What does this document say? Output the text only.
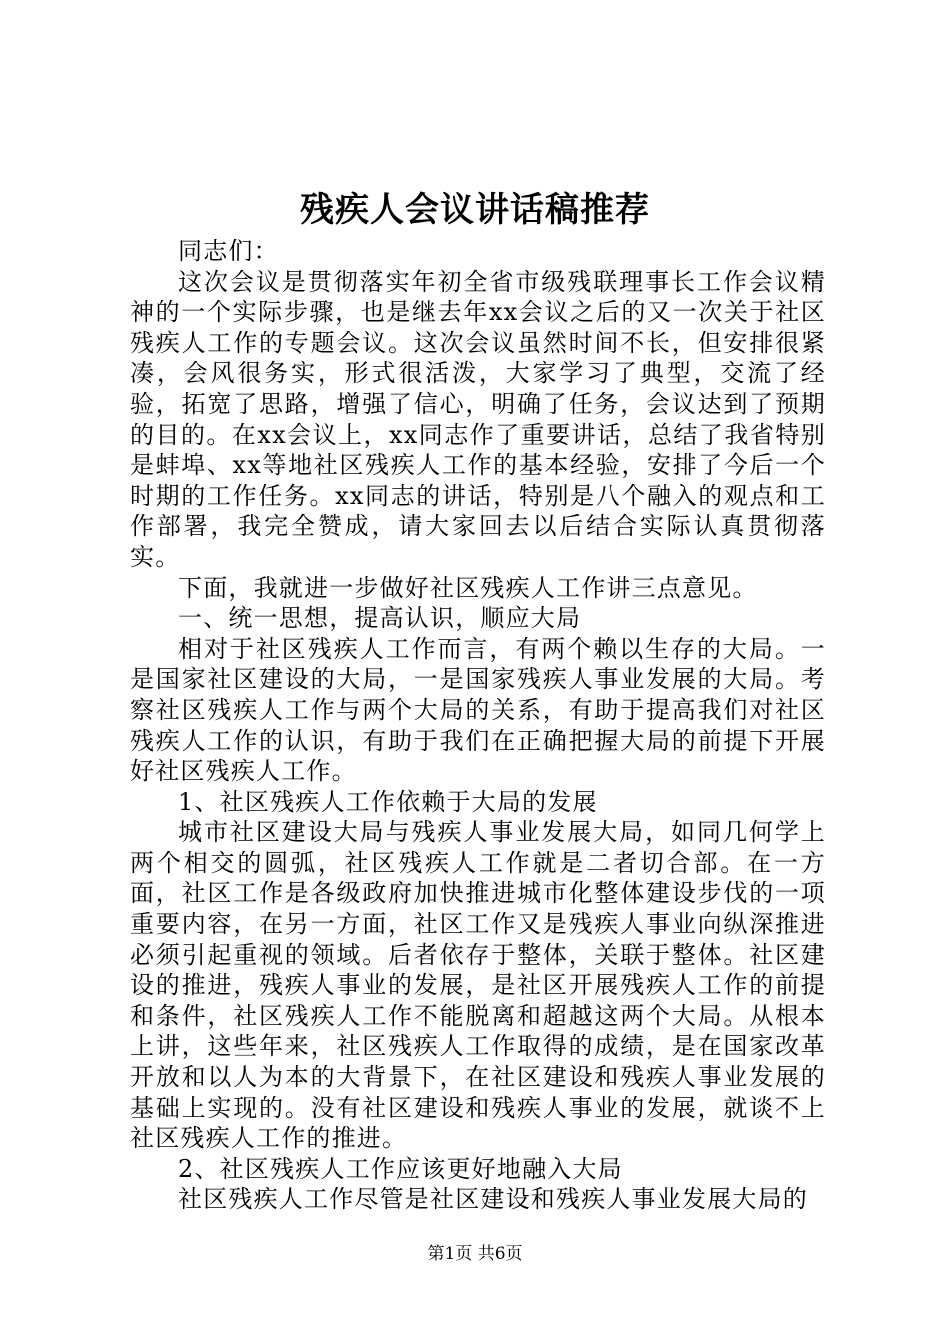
残疾人会议讲话稿推荐

同志们：

这次会议是贯彻落实年初全省市级残联理事长工作会议精神的一个实际步骤，也是继去年xx会议之后的又一次关于社区残疾人工作的专题会议。这次会议虽然时间不长，但安排很紧凑，会风很务实，形式很活泼，大家学习了典型，交流了经验，拓宽了思路，增强了信心，明确了任务，会议达到了预期的目的。在xx会议上，xx同志作了重要讲话，总结了我省特别是蚌埠、xx等地社区残疾人工作的基本经验，安排了今后一个时期的工作任务。xx同志的讲话，特别是八个融入的观点和工作部署，我完全赞成，请大家回去以后结合实际认真贯彻落实。

下面，我就进一步做好社区残疾人工作讲三点意见。

一、统一思想，提高认识，顺应大局

相对于社区残疾人工作而言，有两个赖以生存的大局。一是国家社区建设的大局，一是国家残疾人事业发展的大局。考察社区残疾人工作与两个大局的关系，有助于提高我们对社区残疾人工作的认识，有助于我们在正确把握大局的前提下开展好社区残疾人工作。

1、社区残疾人工作依赖于大局的发展

城市社区建设大局与残疾人事业发展大局，如同几何学上两个相交的圆弧，社区残疾人工作就是二者切合部。在一方面，社区工作是各级政府加快推进城市化整体建设步伐的一项重要内容，在另一方面，社区工作又是残疾人事业向纵深推进必须引起重视的领域。后者依存于整体，关联于整体。社区建设的推进，残疾人事业的发展，是社区开展残疾人工作的前提和条件，社区残疾人工作不能脱离和超越这两个大局。从根本上讲，这些年来，社区残疾人工作取得的成绩，是在国家改革开放和以人为本的大背景下，在社区建设和残疾人事业发展的基础上实现的。没有社区建设和残疾人事业的发展，就谈不上社区残疾人工作的推进。

2、社区残疾人工作应该更好地融入大局

社区残疾人工作尽管是社区建设和残疾人事业发展大局的

第1页 共6页
